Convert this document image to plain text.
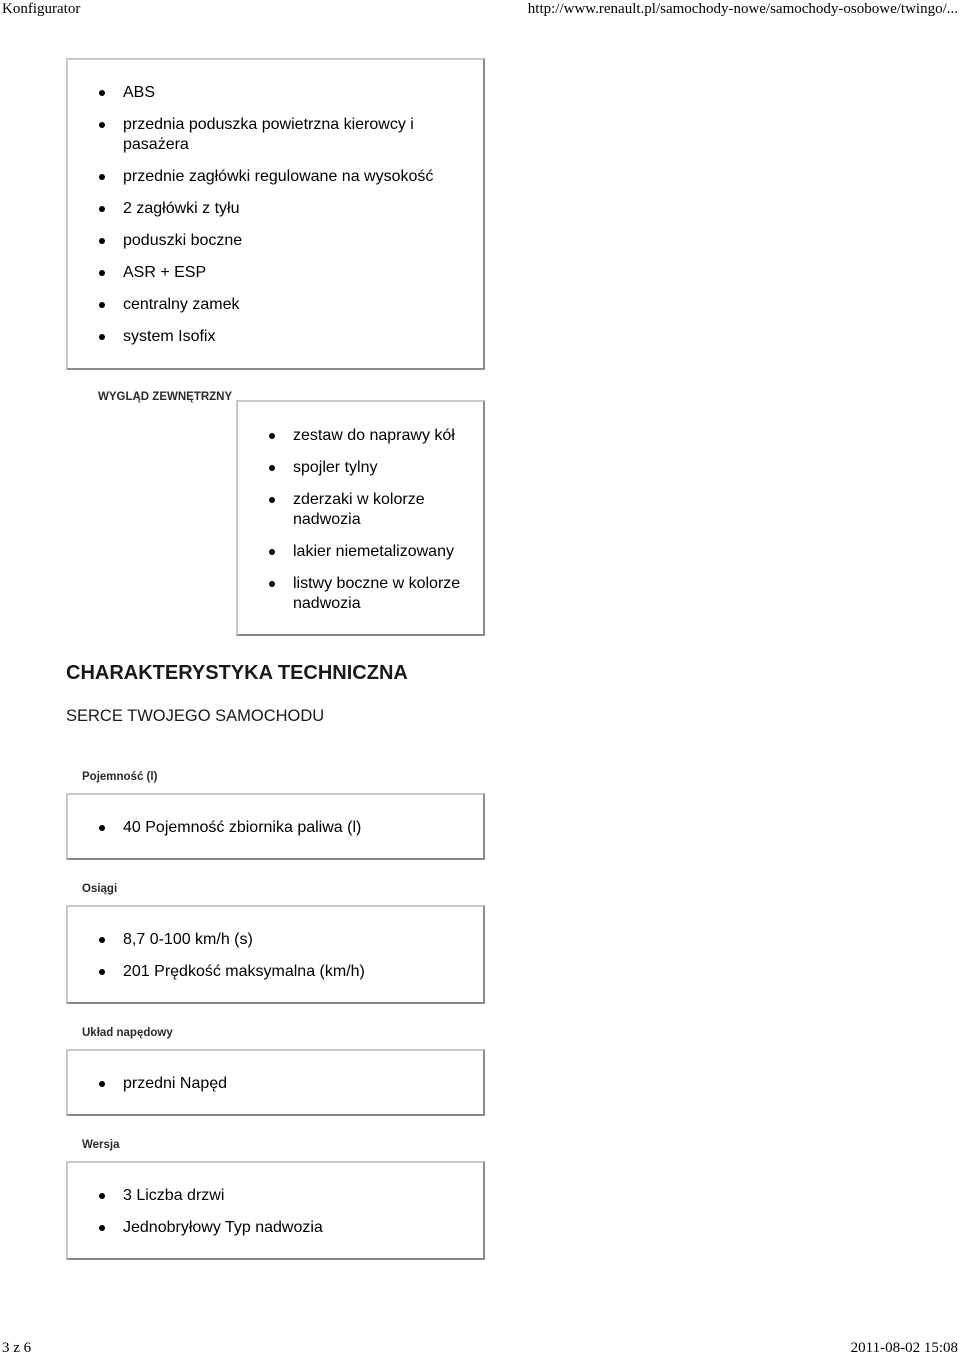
Konfigurator	http://www.renault.pl/samochody-nowe/samochody-osobowe/twingo/...
ABS
przednia poduszka powietrzna kierowcy i pasażera
przednie zagłówki regulowane na wysokość
2 zagłówki z tyłu
poduszki boczne
ASR + ESP
centralny zamek
system Isofix
WYGLĄD ZEWNĘTRZNY
zestaw do naprawy kół
spojler tylny
zderzaki w kolorze nadwozia
lakier niemetalizowany
listwy boczne w kolorze nadwozia
CHARAKTERYSTYKA TECHNICZNA
SERCE TWOJEGO SAMOCHODU
Pojemność (l)
40 Pojemność zbiornika paliwa (l)
Osiągi
8,7 0-100 km/h (s)
201 Prędkość maksymalna (km/h)
Układ napędowy
przedni Napęd
Wersja
3 Liczba drzwi
Jednobryłowy Typ nadwozia
3 z 6	2011-08-02 15:08
